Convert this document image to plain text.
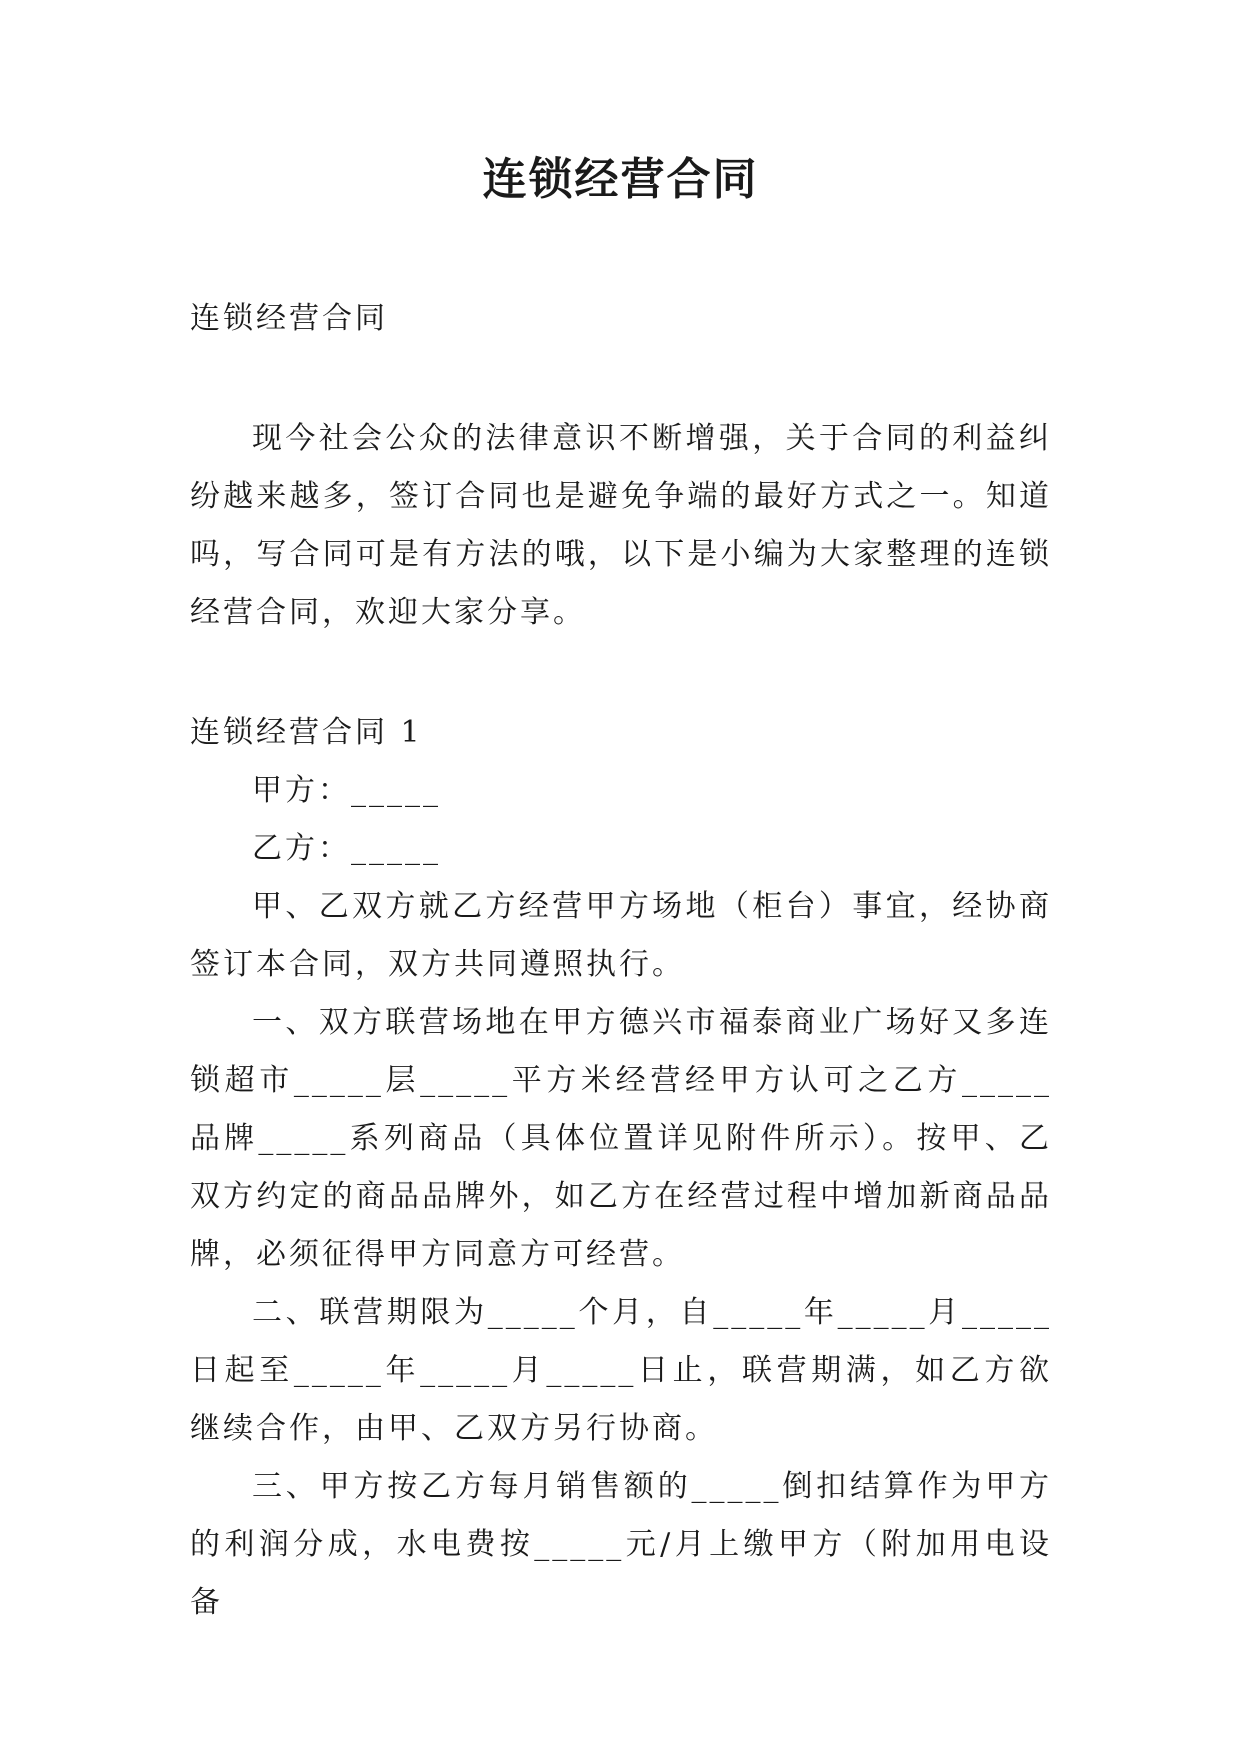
连锁经营合同

连锁经营合同

现今社会公众的法律意识不断增强，关于合同的利益纠纷越来越多，签订合同也是避免争端的最好方式之一。知道吗，写合同可是有方法的哦，以下是小编为大家整理的连锁经营合同，欢迎大家分享。

连锁经营合同 1

甲方：_____

乙方：_____

甲、乙双方就乙方经营甲方场地（柜台）事宜，经协商签订本合同，双方共同遵照执行。

一、双方联营场地在甲方德兴市福泰商业广场好又多连锁超市_____层_____平方米经营经甲方认可之乙方_____品牌_____系列商品（具体位置详见附件所示）。按甲、乙双方约定的商品品牌外，如乙方在经营过程中增加新商品品牌，必须征得甲方同意方可经营。

二、联营期限为_____个月，自_____年_____月_____日起至_____年_____月_____日止，联营期满，如乙方欲继续合作，由甲、乙双方另行协商。

三、甲方按乙方每月销售额的_____倒扣结算作为甲方的利润分成，水电费按_____元/月上缴甲方（附加用电设备
